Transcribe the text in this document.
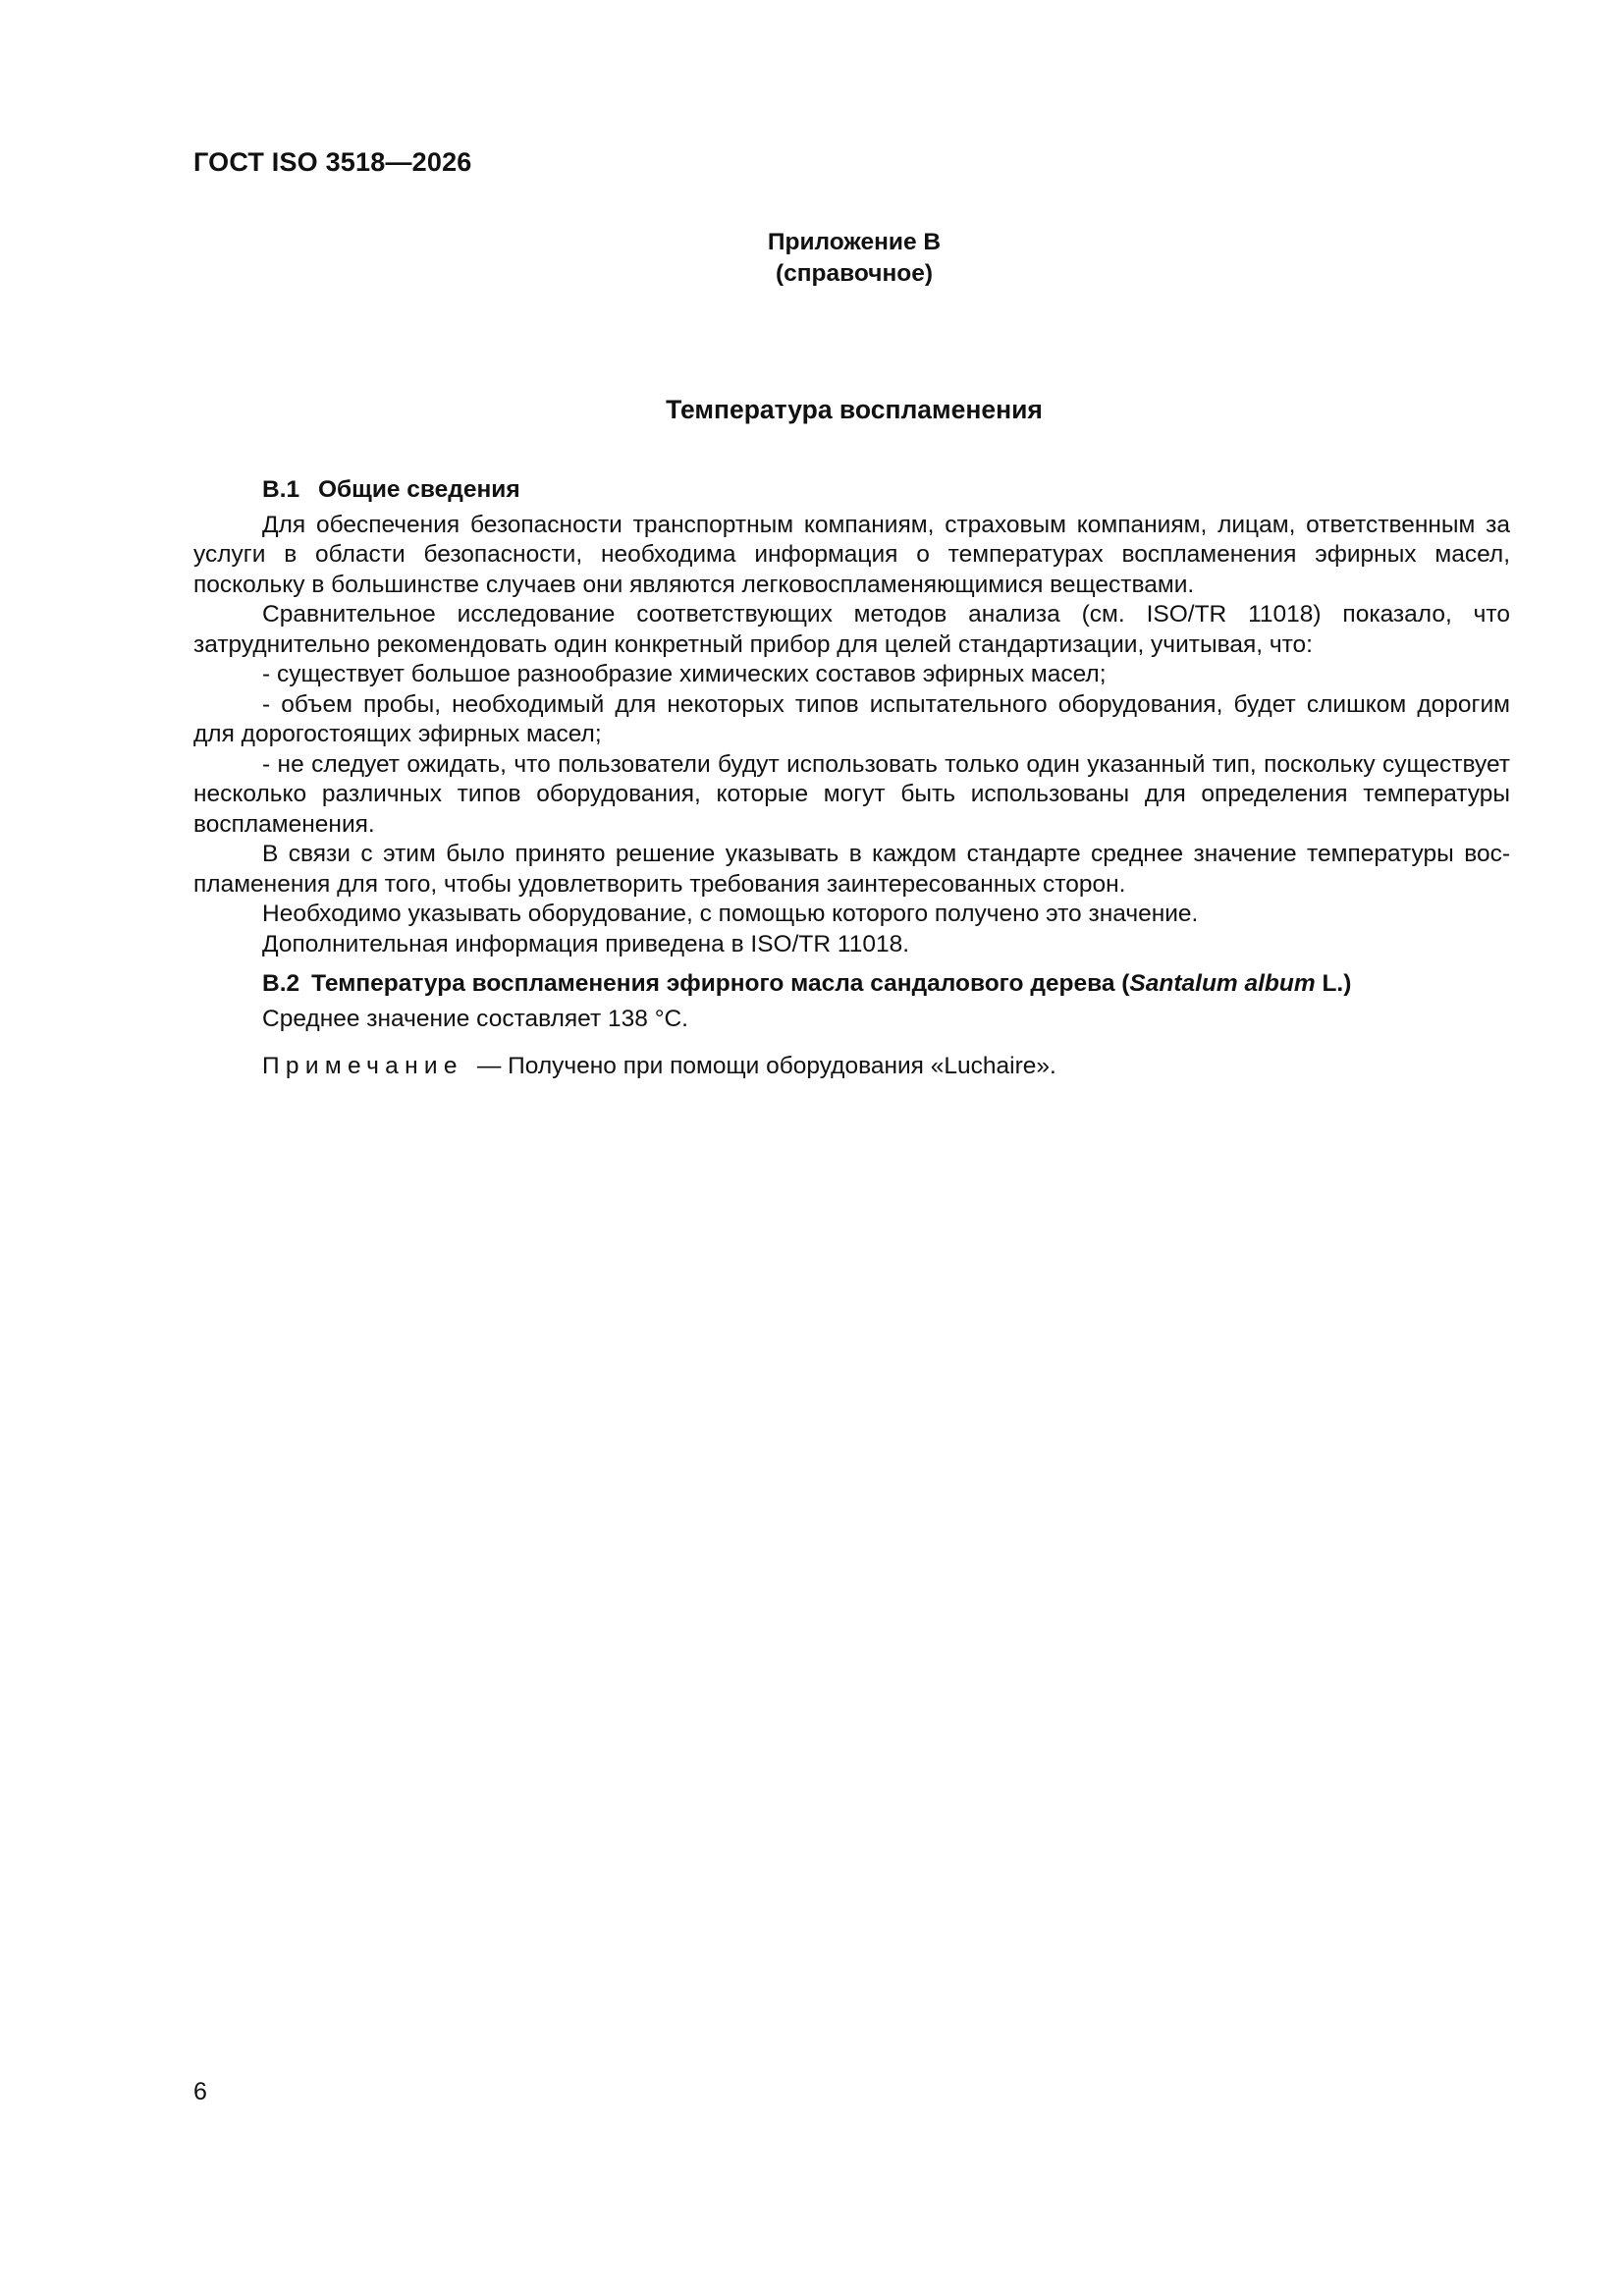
ГОСТ ISO 3518—2026
Приложение В
(справочное)
Температура воспламенения
В.1 Общие сведения

Для обеспечения безопасности транспортным компаниям, страховым компаниям, лицам, ответственным за услуги в области безопасности, необходима информация о температурах воспламенения эфирных масел, поскольку в большинстве случаев они являются легковоспламеняющимися веществами.

Сравнительное исследование соответствующих методов анализа (см. ISO/TR 11018) показало, что затруднительно рекомендовать один конкретный прибор для целей стандартизации, учитывая, что:

- существует большое разнообразие химических составов эфирных масел;

- объем пробы, необходимый для некоторых типов испытательного оборудования, будет слишком дорогим для дорогостоящих эфирных масел;

- не следует ожидать, что пользователи будут использовать только один указанный тип, поскольку существует несколько различных типов оборудования, которые могут быть использованы для определения температуры воспламенения.

В связи с этим было принято решение указывать в каждом стандарте среднее значение температуры воспламенения для того, чтобы удовлетворить требования заинтересованных сторон.

Необходимо указывать оборудование, с помощью которого получено это значение.

Дополнительная информация приведена в ISO/TR 11018.

В.2 Температура воспламенения эфирного масла сандалового дерева (Santalum album L.)
Среднее значение составляет 138 °С.
Примечание — Получено при помощи оборудования «Luchaire».
6
